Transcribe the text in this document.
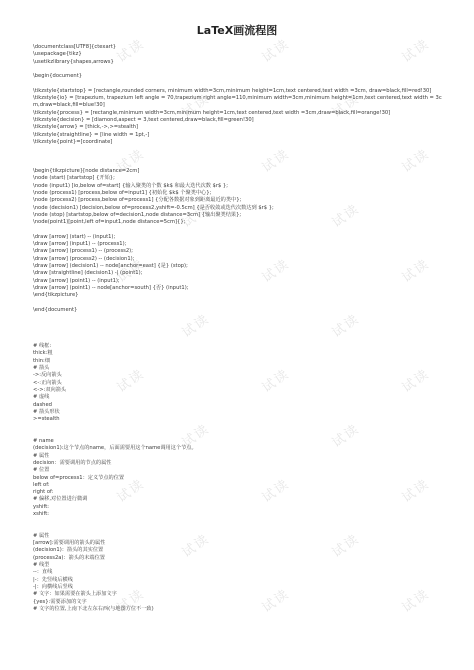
试读
试读
试读
试读
试读
试读
试读
试读
试读
试读
试读
试读
试读
试读
试读
试读
试读
试读
试读
试读
试读
试读
试读
试读
试读
试读
试读
试读
LaTeX画流程图
\documentclass[UTF8]{ctexart}
\usepackage{tikz}
\usetikzlibrary{shapes,arrows}
\begin{document}
\tikzstyle{startstop} = [rectangle,rounded corners, minimum width=3cm,minimum height=1cm,text centered,text width =3cm, draw=black,fill=red!30]
\tikzstyle{io} = [trapezium, trapezium left angle = 70,trapezium right angle=110,minimum width=3cm,minimum height=1cm,text centered,text width = 3cm,draw=black,fill=blue!30]
\tikzstyle{process} = [rectangle,minimum width=3cm,minimum height=1cm,text centered,text width =3cm,draw=black,fill=orange!30]
\tikzstyle{decision} = [diamond,aspect = 3,text centered,draw=black,fill=green!30]
\tikzstyle{arrow} = [thick,->,>=stealth]
\tikzstyle{straightline} = [line width = 1pt,-]
\tikzstyle{point}=[coordinate]
\begin{tikzpicture}[node distance=2cm]
\node (start) [startstop] {开始};
\node (input1) [io,below of=start] {输入聚类的个数 $k$ 和最大迭代次数 $r$ };
\node (process1) [process,below of=input1] {初始化 $k$ 个聚类中心};
\node (process2) [process,below of=process1] {分配各数据对象到距离最近的类中};
\node (decision1) [decision,below of=process2,yshift=-0.5cm] {是否收敛或迭代次数达到 $r$ };
\node (stop) [startstop,below of=decision1,node distance=3cm] {输出聚类结果};
\node(point1)[point,left of=input1,node distance=5cm]{};
\draw [arrow] (start) -- (input1);
\draw [arrow] (input1) -- (process1);
\draw [arrow] (process1) -- (process2);
\draw [arrow] (process2) -- (decision1);
\draw [arrow] (decision1) -- node[anchor=east] {是} (stop);
\draw [straightline] (decision1) -| (point1);
\draw [arrow] (point1) -- (input1);
\draw [arrow] (point1) -- node[anchor=south] {否} (input1);
\end{tikzpicture}
\end{document}
# 线框:
thick:粗
thin:细
# 箭头
->:反向箭头
<-:正向箭头
<->:双向箭头
# 虚线
dashed
# 箭头形状
>=stealth
# name
(decision1):这个节点的name，后面需要用这个name调用这个节点。
# 属性
decision：需要调用的节点的属性
# 位置
below of=process1：定义节点的位置
left of:
right of:
# 偏移,对位置进行微调
yshift:
xshift:
# 属性
[arrow]:需要调用的箭头的属性
(decision1)：箭头的其实位置
(process2a)：箭头的末端位置
# 线型
--：直线
|-：先竖线后横线
-|：向横线后竖线
# 文字：如果需要在箭头上添加文字
{yes}:需要添加的文字
# 文字的位置,上南下北左东右西(与地图方位不一致)
